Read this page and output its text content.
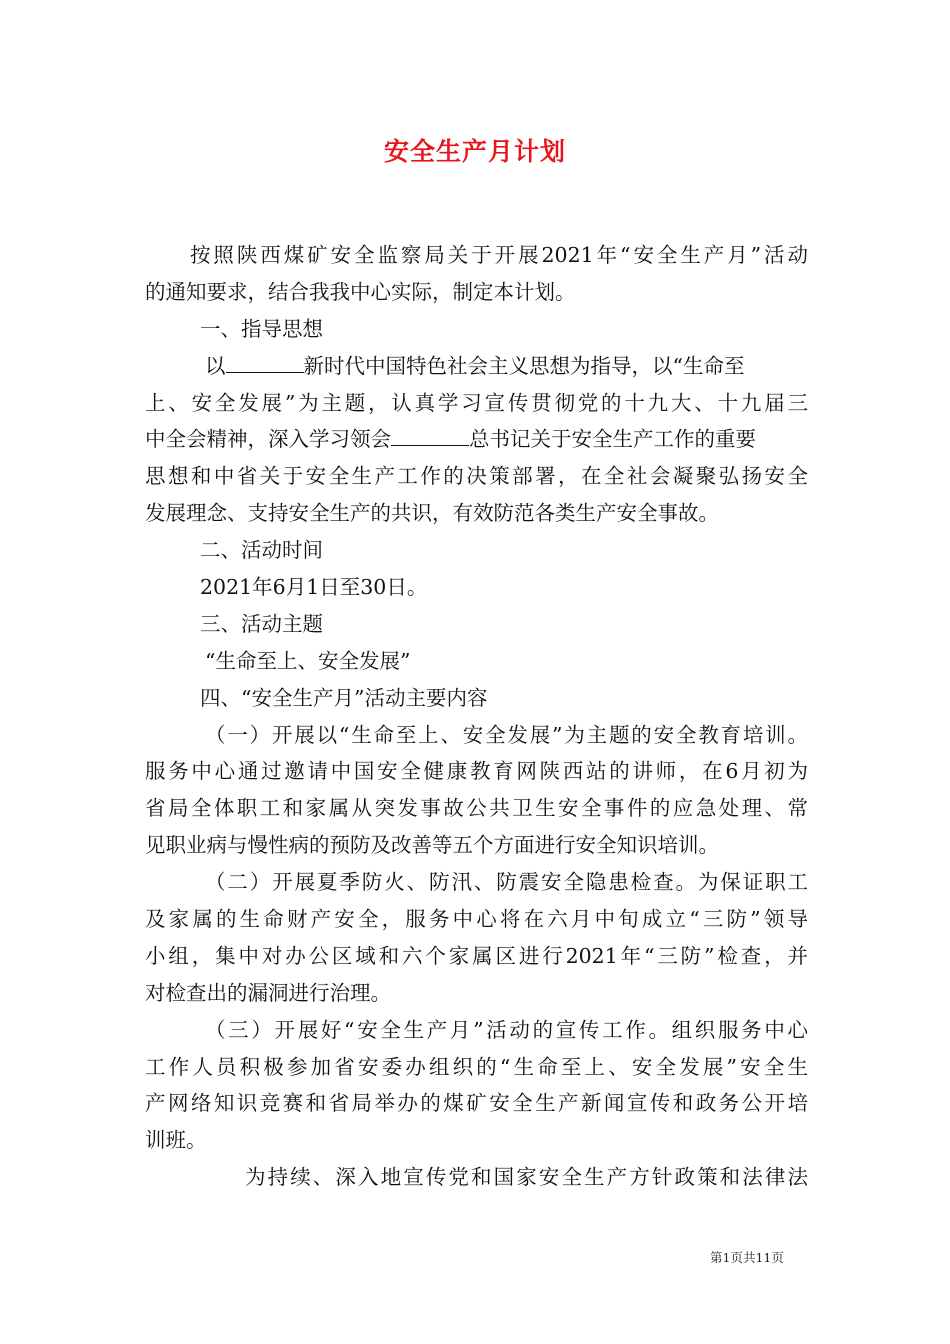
安全生产月计划
按照陕西煤矿安全监察局关于开展2021年“安全生产月”活动
的通知要求，结合我我中心实际，制定本计划。
一、指导思想
以	新时代中国特色社会主义思想为指导，以“生命至
上、安全发展”为主题，认真学习宣传贯彻党的十九大、十九届三
中全会精神，深入学习领会	总书记关于安全生产工作的重要
思想和中省关于安全生产工作的决策部署，在全社会凝聚弘扬安全
发展理念、支持安全生产的共识，有效防范各类生产安全事故。
二、活动时间
2021年6月1日至30日。
三、活动主题
“生命至上、安全发展”
四、“安全生产月”活动主要内容
（一）开展以“生命至上、安全发展”为主题的安全教育培训。
服务中心通过邀请中国安全健康教育网陕西站的讲师，在6月初为
省局全体职工和家属从突发事故公共卫生安全事件的应急处理、常
见职业病与慢性病的预防及改善等五个方面进行安全知识培训。
（二）开展夏季防火、防汛、防震安全隐患检查。为保证职工
及家属的生命财产安全，服务中心将在六月中旬成立“三防”领导
小组，集中对办公区域和六个家属区进行2021年“三防”检查，并
对检查出的漏洞进行治理。
（三）开展好“安全生产月”活动的宣传工作。组织服务中心
工作人员积极参加省安委办组织的“生命至上、安全发展”安全生
产网络知识竞赛和省局举办的煤矿安全生产新闻宣传和政务公开培
训班。
为持续、深入地宣传党和国家安全生产方针政策和法律法
第1页共11页
